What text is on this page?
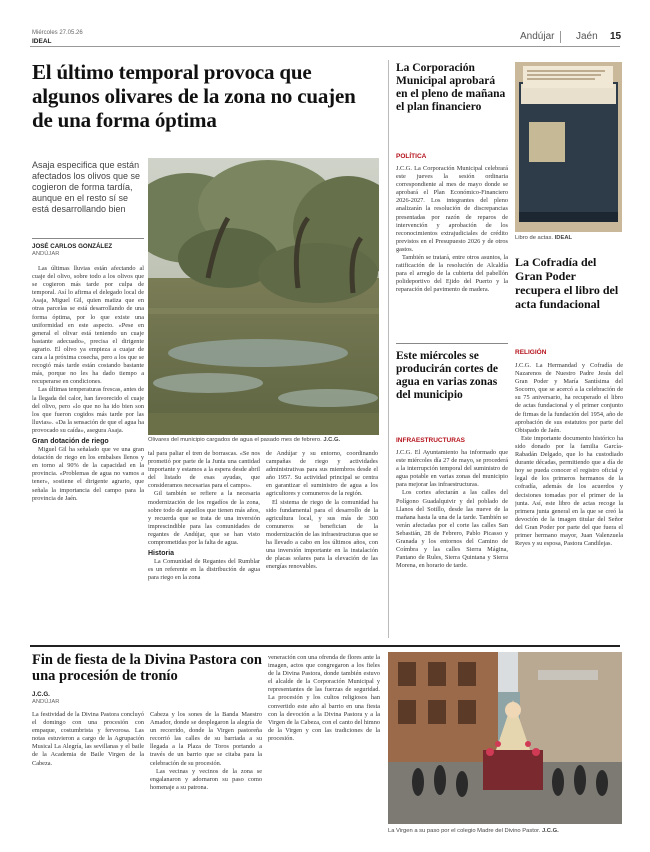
Miércoles 27.05.26
IDEAL	Andújar Jaén 15
El último temporal provoca que algunos olivares de la zona no cuajen de una forma óptima
Asaja especifica que están afectados los olivos que se cogieron de forma tardía, aunque en el resto sí se está desarrollando bien
JOSÉ CARLOS GONZÁLEZ
ANDÚJAR

Las últimas lluvias están afectando al cuaje del olivo, sobre todo a los olivos que se cogieron más tarde por culpa de temporal. Así lo afirma el delegado local de Asaja, Miguel Gil, quien matiza que en otras parcelas se está desarrollando de una forma óptima, por lo que existe una uniformidad en este aspecto. «Pese en general el olivar está teniendo un cuaje bastante adecuado», precisa el dirigente agrario. El olivo ya empieza a cuajar de cara a la próxima cosecha, pero a los que se recogió más tarde están costando bastante más, porque no les ha dado tiempo a recuperarse en condiciones.

Las últimas temperaturas frescas, antes de la llegada del calor, han favorecido el cuaje del olivo, pero «lo que no ha ido bien son los que fueron cogidos más tarde por las lluvias». «Da la sensación de que el agua ha provocado su caída», asegura Asaja.

Gran dotación de riego

Miguel Gil ha señalado que ve una gran dotación de riego en los embalses llenos y en torno al 90% de la capacidad en la provincia. «Problemas de agua no vamos a tener», sostiene el dirigente agrario, que señala la importancia del campo para la provincia de Jaén.

Olivares del municipio cargados de agua el pasado mes de febrero. J.C.G.

tal para paliar el tren de borrascas. «Se nos prometió por parte de la Junta una cantidad importante y estamos a la espera desde abril del listado de esas ayudas, que consideramos necesarias para el campo».

Gil también se refiere a la necesaria modernización de los regadíos de la zona, sobre todo de aquellos que tienen más años, y recuerda que se trata de una inversión imprescindible para las comunidades de regantes de Andújar, que se han visto comprometidas por la falta de agua.

Historia

La Comunidad de Regantes del Rumblar es un referente en la distribución de agua para riego en la zona

de Andújar y su entorno, coordinando campañas de riego y actividades administrativas para sus miembros desde el año 1957. Su actividad principal se centra en garantizar el suministro de agua a los agricultores y comuneros de la región.

El sistema de riego de la comunidad ha sido fundamental para el desarrollo de la agricultura local, y sus más de 300 comuneros se benefician de la modernización de las infraestructuras que se ha llevado a cabo en los últimos años, con una inversión importante en la instalación de placas solares para la elevación de las energías renovables.

La Corporación Municipal aprobará en el pleno de mañana el plan financiero
POLÍTICA

J.C.G. La Corporación Municipal celebrará este jueves la sesión ordinaria correspondiente al mes de mayo donde se aprobará el Plan Económico-Financiero 2026-2027. Los integrantes del pleno analizarán la resolución de discrepancias presentadas por razón de reparos de intervención y aprobación de los reconocimientos extrajudiciales de crédito previstos en el Presupuesto 2026 y de otros gastos.

También se tratará, entre otros asuntos, la ratificación de la resolución de Alcaldía para el arreglo de la cubierta del pabellón polideportivo del Ejido del Puerto y la reparación del pavimento de madera.

Este miércoles se producirán cortes de agua en varias zonas del municipio
INFRAESTRUCTURAS

J.C.G. El Ayuntamiento ha informado que este miércoles día 27 de mayo, se procederá a la interrupción temporal del suministro de agua potable en varias zonas del municipio para mejorar las infraestructuras.

Los cortes afectarán a las calles del Polígono Guadalquivir y del poblado de Llanos del Sotillo, desde las nueve de la mañana hasta la una de la tarde. También se verán afectadas por el corte las calles San Sebastián, 28 de Febrero, Pablo Picasso y Granada y los entornos del Camino de Coímbra y las calles Sierra Mágina, Pantano de Rules, Sierra Quintana y Sierra Morena, en horario de tarde.

Libro de actas. IDEAL
La Cofradía del Gran Poder recupera el libro del acta fundacional
RELIGIÓN

J.C.G. La Hermandad y Cofradía de Nazarenos de Nuestro Padre Jesús del Gran Poder y María Santísima del Socorro, que se acercó a la celebración de su 75 aniversario, ha recuperado el libro de actas fundacional y el primer conjunto de firmas de la fundación del 1954, año de aprobación de sus estatutos por parte del Obispado de Jaén.

Este importante documento histórico ha sido donado por la familia García-Rabadán Delgado, que lo ha custodiado durante décadas, permitiendo que a día de hoy se pueda conocer el registro oficial y legal de los primeros hermanos de la cofradía, además de los acuerdos y decisiones tomadas por el primer de la junta. Así, este libro de actas recoge la primera junta general en la que se creó la devoción de la imagen titular del Señor del Gran Poder por parte del que fuera el primer hermano mayor, Juan Valenzuela Reyes y su esposa, Pastora Candilejas.

Fin de fiesta de la Divina Pastora con una procesión de tronío
J.C.G.
ANDÚJAR

La festividad de la Divina Pastora concluyó el domingo con una procesión con empaque, costumbrista y fervorosa. Las notas estuvieron a cargo de la Agrupación Musical La Alegría, las sevillanas y el baile de la Academia de Baile Virgen de la Cabeza.

Cabeza y los sones de la Banda Maestro Amador, donde se desplegaron la alegría de un recorrido, donde la Virgen pastoreña recorrió las calles de su barriada a su llegada a la Plaza de Toros portando a través de un barrio que se citaba para la celebración de su procesión.

Las vecinas y vecinos de la zona se engalanaron y adornaron su paso como homenaje a su patrona.

veneración con una ofrenda de flores ante la imagen, actos que congregaron a los fieles de la Divina Pastora, donde también estuvo el alcalde de la Corporación Municipal y representantes de las fuerzas de seguridad. La procesión y los cultos religiosos han convertido este año al barrio en una fiesta con la devoción a la Divina Pastora y a la Virgen de la Cabeza, con el canto del himno de la Virgen y con las tradiciones de la procesión.

La Virgen a su paso por el colegio Madre del Divino Pastor. J.C.G.
